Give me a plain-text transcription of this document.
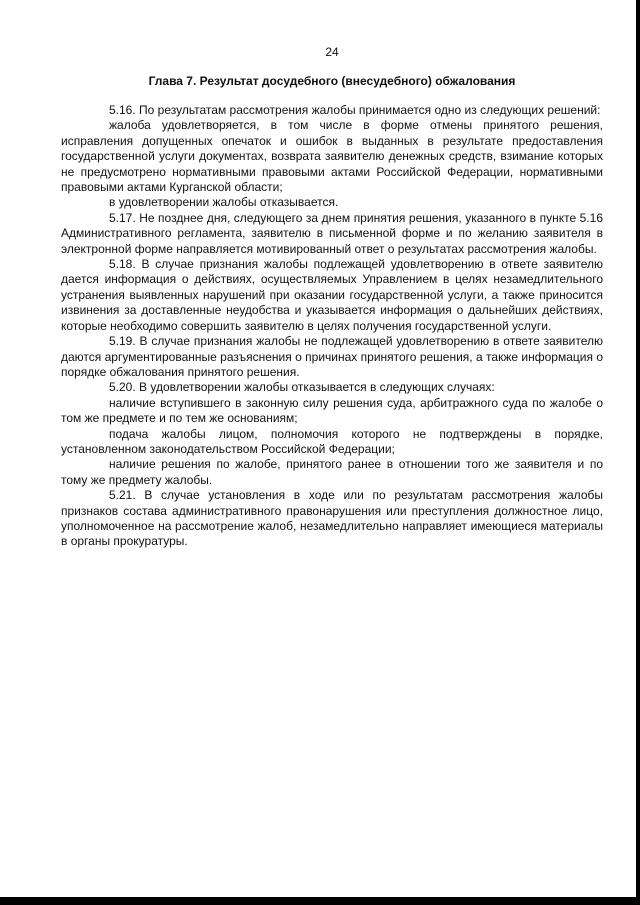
24
Глава 7. Результат досудебного (внесудебного) обжалования

5.16. По результатам рассмотрения жалобы принимается одно из следующих решений:

жалоба удовлетворяется, в том числе в форме отмены принятого решения, исправления допущенных опечаток и ошибок в выданных в результате предоставления государственной услуги документах, возврата заявителю денежных средств, взимание которых не предусмотрено нормативными правовыми актами Российской Федерации, нормативными правовыми актами Курганской области;

в удовлетворении жалобы отказывается.

5.17. Не позднее дня, следующего за днем принятия решения, указанного в пункте 5.16 Административного регламента, заявителю в письменной форме и по желанию заявителя в электронной форме направляется мотивированный ответ о результатах рассмотрения жалобы.

5.18. В случае признания жалобы подлежащей удовлетворению в ответе заявителю дается информация о действиях, осуществляемых Управлением в целях незамедлительного устранения выявленных нарушений при оказании государственной услуги, а также приносится извинения за доставленные неудобства и указывается информация о дальнейших действиях, которые необходимо совершить заявителю в целях получения государственной услуги.

5.19. В случае признания жалобы не подлежащей удовлетворению в ответе заявителю даются аргументированные разъяснения о причинах принятого решения, а также информация о порядке обжалования принятого решения.

5.20. В удовлетворении жалобы отказывается в следующих случаях:

наличие вступившего в законную силу решения суда, арбитражного суда по жалобе о том же предмете и по тем же основаниям;

подача жалобы лицом, полномочия которого не подтверждены в порядке, установленном законодательством Российской Федерации;

наличие решения по жалобе, принятого ранее в отношении того же заявителя и по тому же предмету жалобы.

5.21. В случае установления в ходе или по результатам рассмотрения жалобы признаков состава административного правонарушения или преступления должностное лицо, уполномоченное на рассмотрение жалоб, незамедлительно направляет имеющиеся материалы в органы прокуратуры.
